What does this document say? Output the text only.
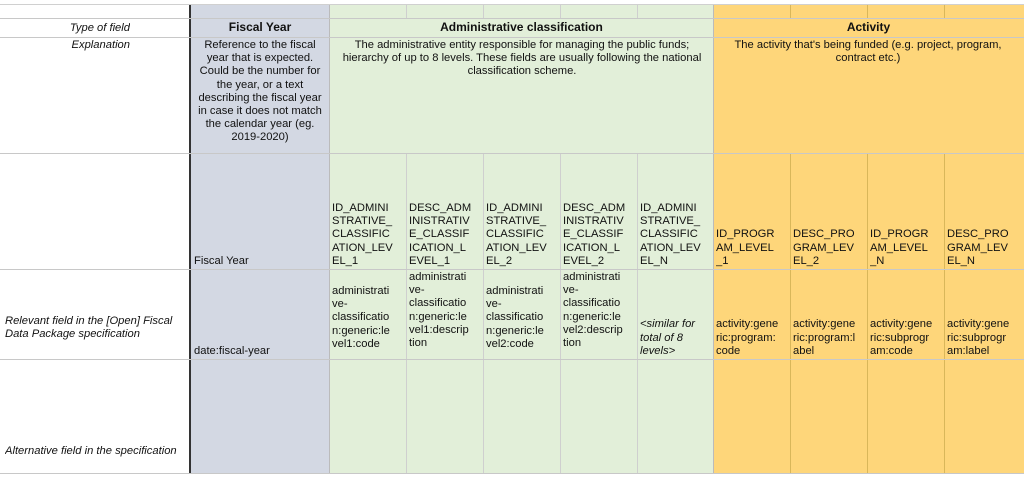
Type of field
Explanation
Relevant field in the [Open] Fiscal Data Package specification
Alternative field in the specification
Fiscal Year	Administrative classification	Activity
Reference to the fiscal year that is expected. Could be the number for the year, or a text describing the fiscal year in case it does not match the calendar year (eg. 2019-2020)
The administrative entity responsible for managing the public funds; hierarchy of up to 8 levels. These fields are usually following the national classification scheme.
The activity that's being funded (e.g. project, program, contract etc.)
Fiscal Year
ID_ADMINI
STRATIVE_
CLASSIFIC
ATION_LEV
EL_1
DESC_ADM
INISTRATIV
E_CLASSIF
ICATION_L
EVEL_1
ID_ADMINI
STRATIVE_
CLASSIFIC
ATION_LEV
EL_2
DESC_ADM
INISTRATIV
E_CLASSIF
ICATION_L
EVEL_2
ID_ADMINI
STRATIVE_
CLASSIFIC
ATION_LEV
EL_N
ID_PROGR
AM_LEVEL
_1
DESC_PRO
GRAM_LEV
EL_2
ID_PROGR
AM_LEVEL
_N
DESC_PRO
GRAM_LEV
EL_N
date:fiscal-year
administrati
ve-
classificatio
n:generic:le
vel1:code
administrati
ve-
classificatio
n:generic:le
vel1:descrip
tion
administrati
ve-
classificatio
n:generic:le
vel2:code
administrati
ve-
classificatio
n:generic:le
vel2:descrip
tion
<similar for
total of 8
levels>
activity:gene
ric:program:
code
activity:gene
ric:program:l
abel
activity:gene
ric:subprogr
am:code
activity:gene
ric:subprogr
am:label
